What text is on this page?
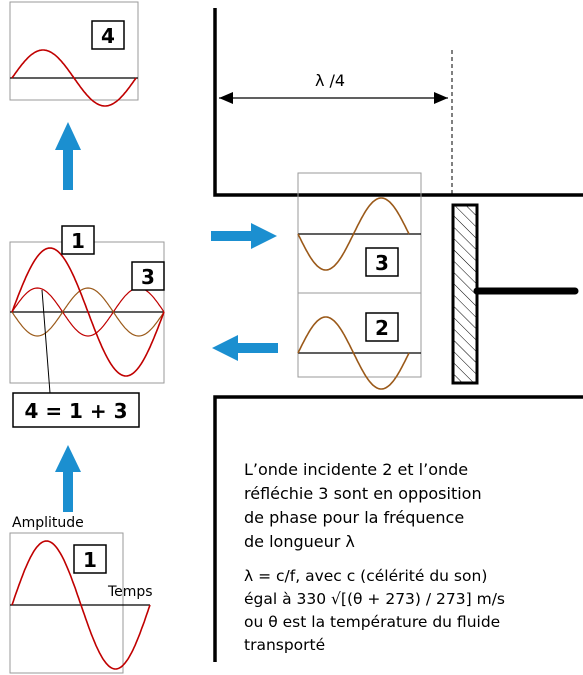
1
Amplitude
Temps
1
3
4 = 1 + 3
4
λ /4
3
2
L’onde incidente 2 et l’onde
réfléchie 3 sont en opposition
de phase pour la fréquence
de longueur λ
λ = c/f, avec c (célérité du son)
égal à 330 √[(θ + 273) / 273] m/s
ou θ est la température du fluide
transporté
